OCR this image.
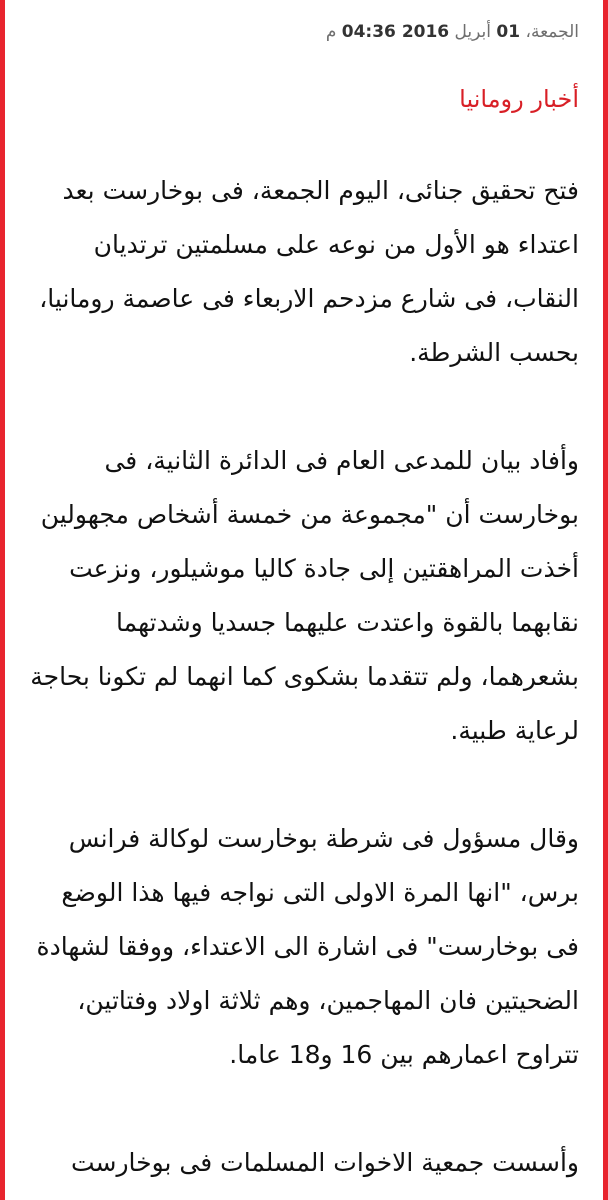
الجمعة، 01 أبريل 2016 04:36 م
أخبار رومانيا

فتح تحقيق جنائى، اليوم الجمعة، فى بوخارست بعد اعتداء هو الأول من نوعه على مسلمتين ترتديان النقاب، فى شارع مزدحم الاربعاء فى عاصمة رومانيا، بحسب الشرطة.

وأفاد بيان للمدعى العام فى الدائرة الثانية، فى بوخارست أن "مجموعة من خمسة أشخاص مجهولين أخذت المراهقتين إلى جادة كاليا موشيلور، ونزعت نقابهما بالقوة واعتدت عليهما جسديا وشدتهما بشعرهما، ولم تتقدما بشكوى كما انهما لم تكونا بحاجة لرعاية طبية.

وقال مسؤول فى شرطة بوخارست لوكالة فرانس برس، "انها المرة الاولى التى نواجه فيها هذا الوضع فى بوخارست" فى اشارة الى الاعتداء، ووفقا لشهادة الضحيتين فان المهاجمين، وهم ثلاثة اولاد وفتاتين، تتراوح اعمارهم بين 16 و18 عاما.

وأسست جمعية الاخوات المسلمات فى بوخارست
